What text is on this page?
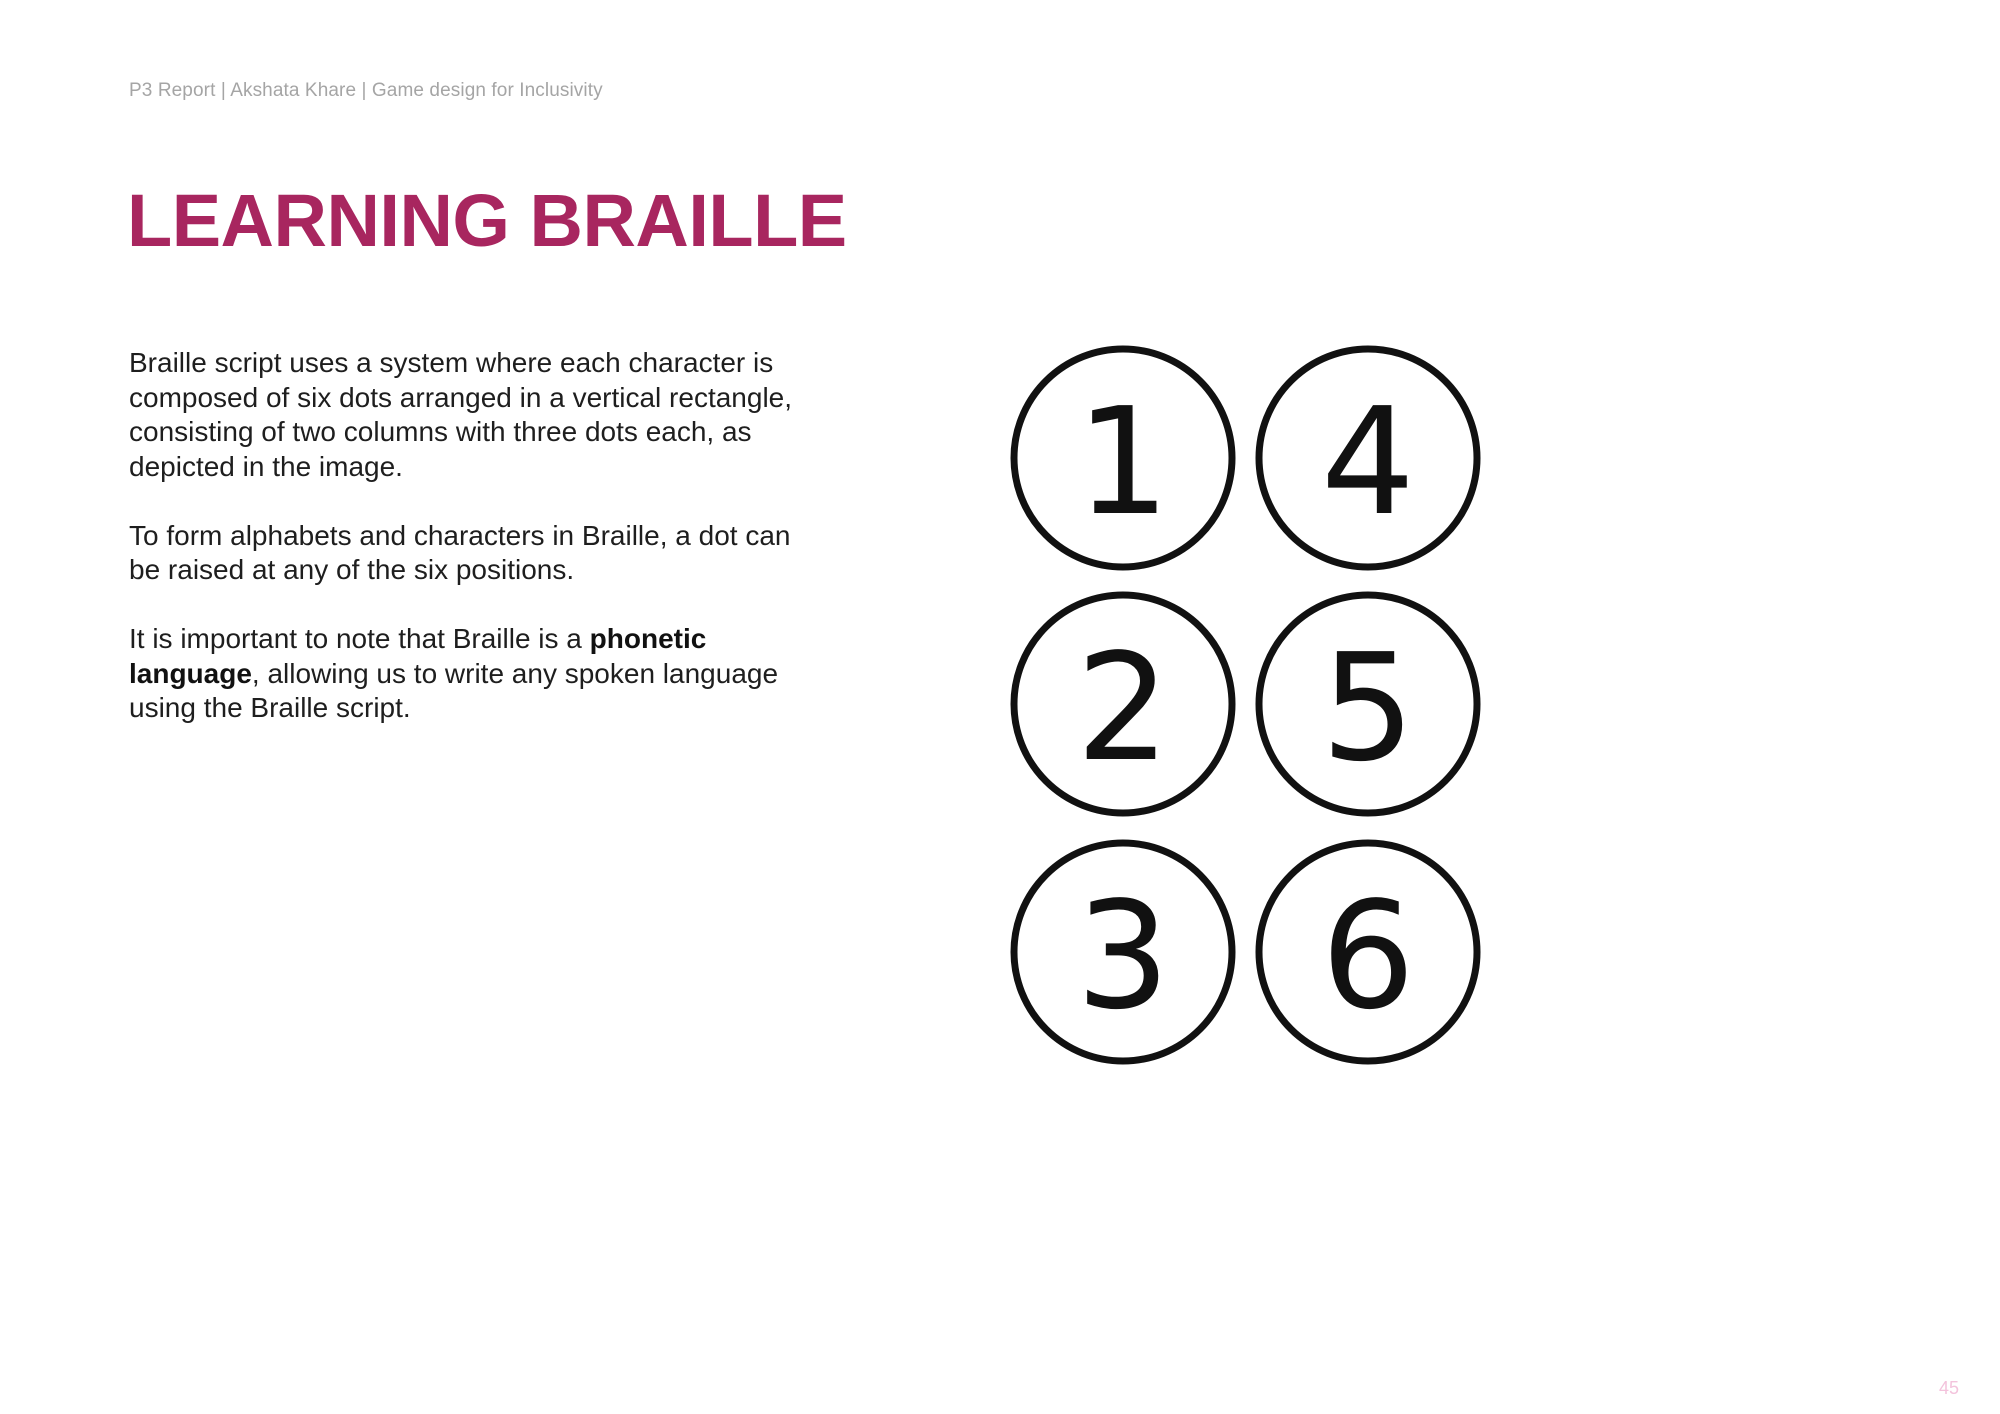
P3 Report | Akshata Khare | Game design for Inclusivity
LEARNING BRAILLE

Braille script uses a system where each character is composed of six dots arranged in a vertical rectangle, consisting of two columns with three dots each, as depicted in the image.

To form alphabets and characters in Braille, a dot can be raised at any of the six positions.

It is important to note that Braille is a phonetic language, allowing us to write any spoken language using the Braille script.

1
2
3
4
5
6
45
